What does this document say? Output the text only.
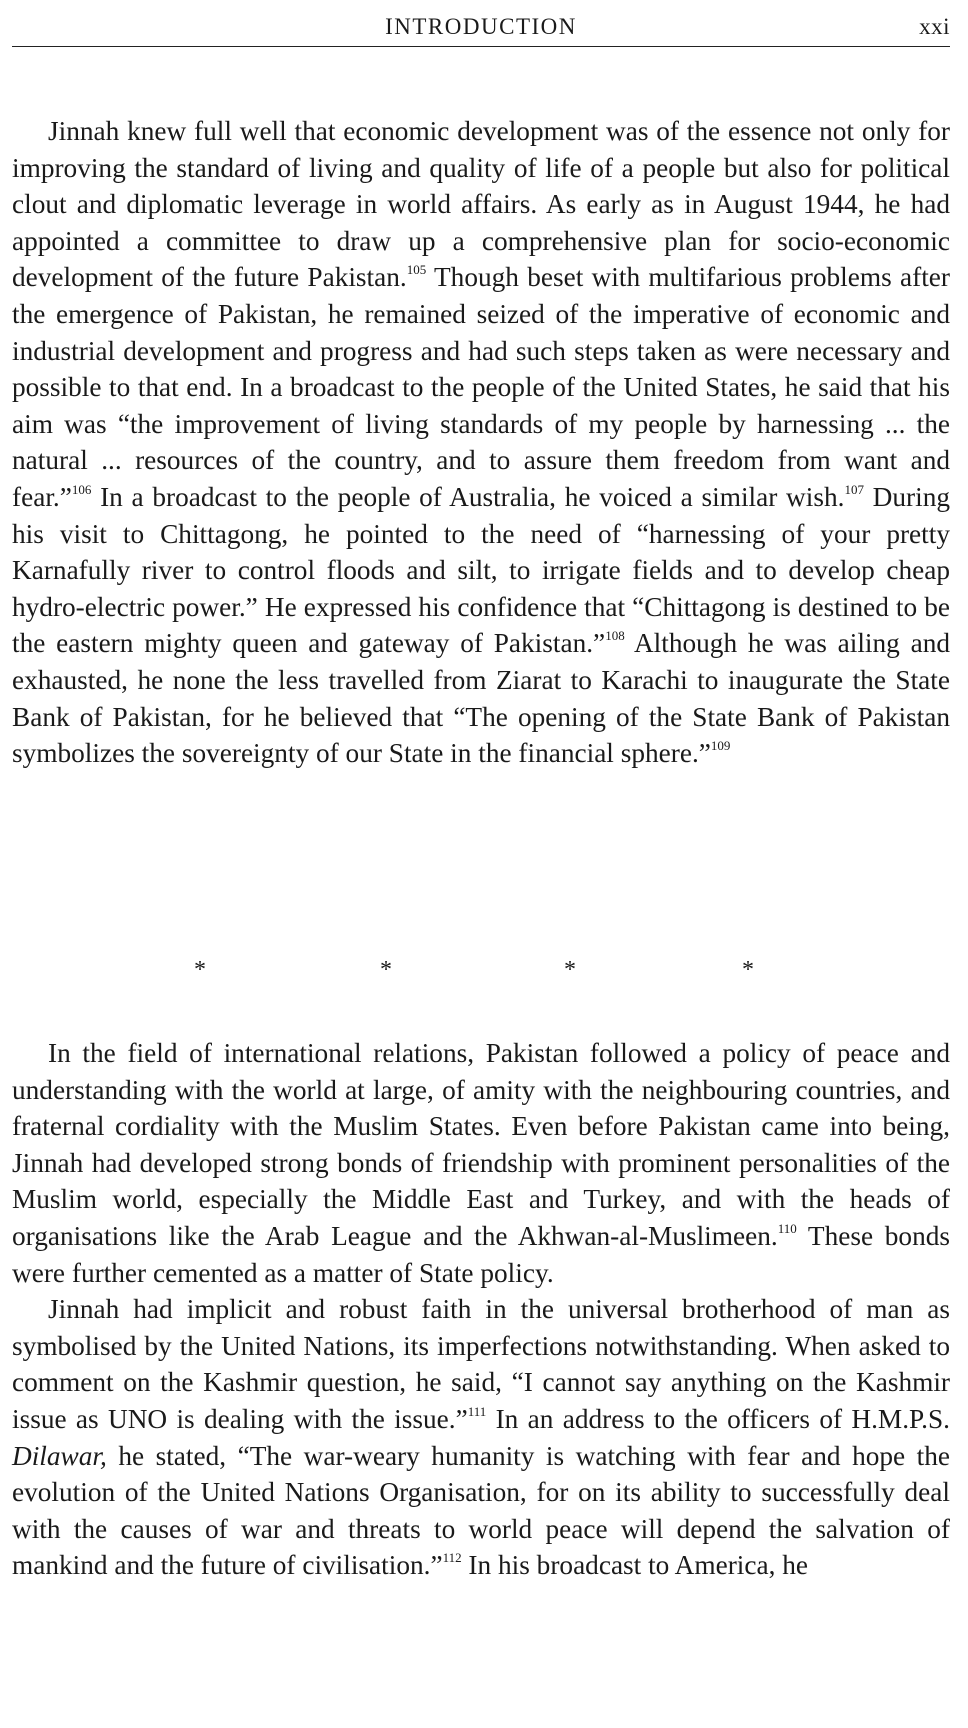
INTRODUCTION	xxi

Jinnah knew full well that economic development was of the essence not only for improving the standard of living and quality of life of a people but also for political clout and diplomatic leverage in world affairs. As early as in August 1944, he had appointed a committee to draw up a comprehensive plan for socio-economic development of the future Pakistan.$^{105}$ Though beset with multifarious problems after the emergence of Pakistan, he remained seized of the imperative of economic and industrial development and progress and had such steps taken as were necessary and possible to that end. In a broadcast to the people of the United States, he said that his aim was “the improvement of living standards of my people by harnessing ... the natural ... resources of the country, and to assure them freedom from want and fear.”$^{106}$ In a broadcast to the people of Australia, he voiced a similar wish.$^{107}$ During his visit to Chittagong, he pointed to the need of “harnessing of your pretty Karnafully river to control floods and silt, to irrigate fields and to develop cheap hydro-electric power.” He expressed his confidence that “Chittagong is destined to be the eastern mighty queen and gateway of Pakistan.”$^{108}$ Although he was ailing and exhausted, he none the less travelled from Ziarat to Karachi to inaugurate the State Bank of Pakistan, for he believed that “The opening of the State Bank of Pakistan symbolizes the sovereignty of our State in the financial sphere.”$^{109}$

*	*	*	*

In the field of international relations, Pakistan followed a policy of peace and understanding with the world at large, of amity with the neighbouring countries, and fraternal cordiality with the Muslim States. Even before Pakistan came into being, Jinnah had developed strong bonds of friendship with prominent personalities of the Muslim world, especially the Middle East and Turkey, and with the heads of organisations like the Arab League and the Akhwan-al-Muslimeen.$^{110}$ These bonds were further cemented as a matter of State policy.

Jinnah had implicit and robust faith in the universal brotherhood of man as symbolised by the United Nations, its imperfections notwithstanding. When asked to comment on the Kashmir question, he said, “I cannot say anything on the Kashmir issue as UNO is dealing with the issue.”$^{111}$ In an address to the officers of H.M.P.S. Dilawar, he stated, “The war-weary humanity is watching with fear and hope the evolution of the United Nations Organisation, for on its ability to successfully deal with the causes of war and threats to world peace will depend the salvation of mankind and the future of civilisation.”$^{112}$ In his broadcast to America, he
